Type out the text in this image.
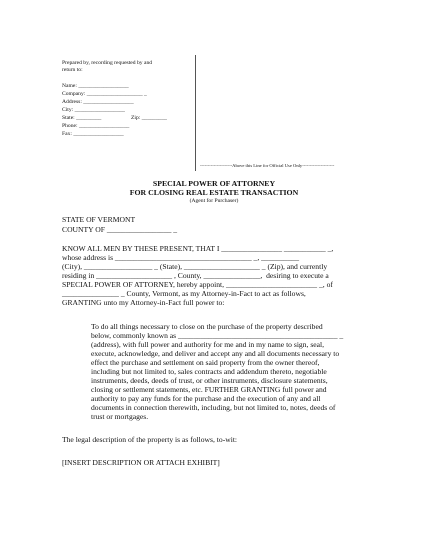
Prepared by, recording requested by and
return to:
Name: __________________
Company: ____________________ _
Address: __________________
City: __________________
State: _________	Zip: _________
Phone: __________________
Fax: __________________
---------------------Above this Line for Official Use Only---------------------
SPECIAL POWER OF ATTORNEY
FOR CLOSING REAL ESTATE TRANSACTION
(Agent for Purchaser)
STATE OF VERMONT
COUNTY OF _________________ _
KNOW ALL MEN BY THESE PRESENT, THAT I ________________ ___________ _,
whose address is ____________________________________ _, __________
(City), __________________ _ (State), ____________________ _ (Zip), and currently
residing in ____________________ , County, _______________,  desiring to execute a
SPECIAL POWER OF ATTORNEY, hereby appoint, ________________________ _, of
_______________ _ County, Vermont, as my Attorney-in-Fact to act as follows,
GRANTING unto my Attorney-in-Fact full power to:
To do all things necessary to close on the purchase of the property described
below, commonly known as __________________________________________ _
(address), with full power and authority for me and in my name to sign, seal,
execute, acknowledge, and deliver and accept any and all documents necessary to
effect the purchase and settlement on said property from the owner thereof,
including but not limited to, sales contracts and addendum thereto, negotiable
instruments, deeds, deeds of trust, or other instruments, disclosure statements,
closing or settlement statements, etc. FURTHER GRANTING full power and
authority to pay any funds for the purchase and the execution of any and all
documents in connection therewith, including, but not limited to, notes, deeds of
trust or mortgages.
The legal description of the property is as follows, to-wit:
[INSERT DESCRIPTION OR ATTACH EXHIBIT]
